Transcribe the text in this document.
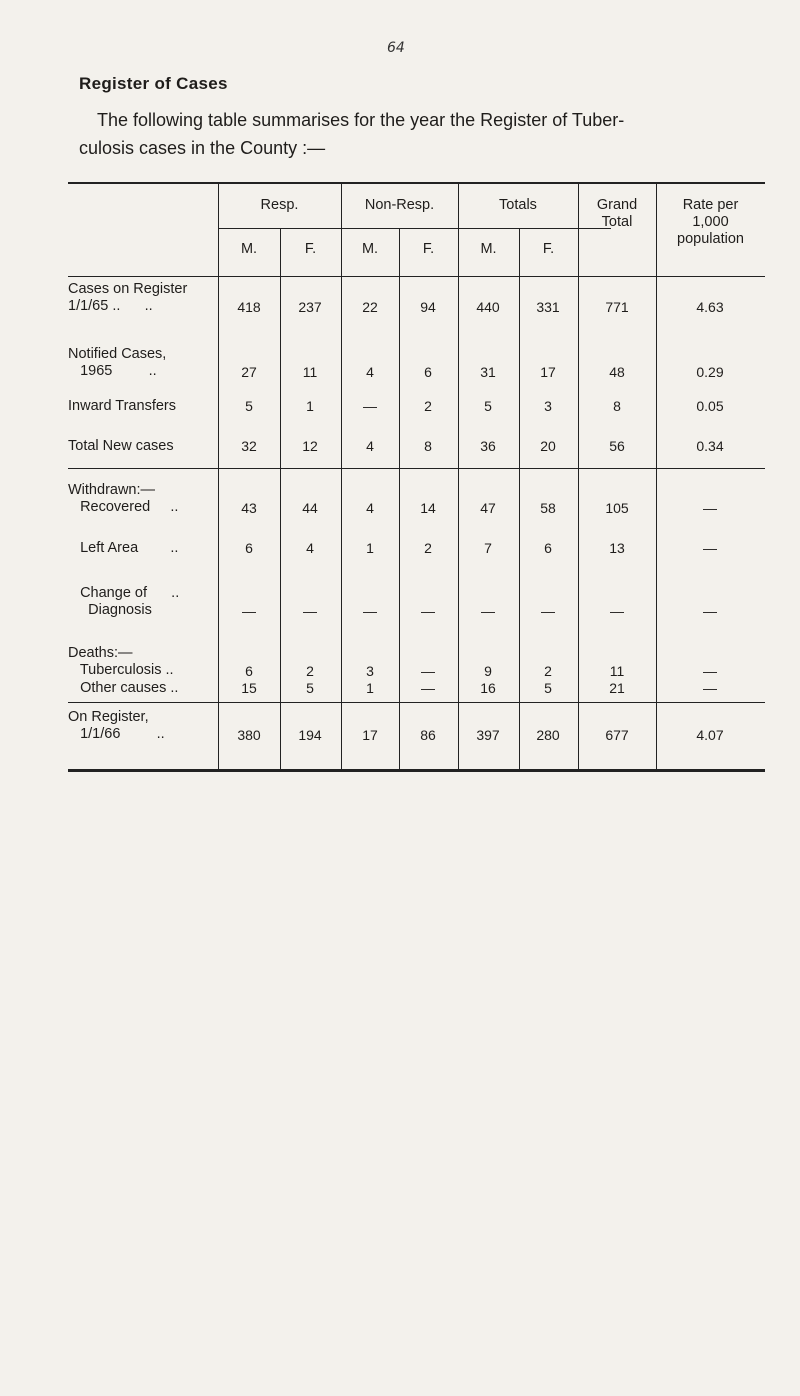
64
Register of Cases
The following table summarises for the year the Register of Tuber-
culosis cases in the County :—
Resp.	Non-Resp.	Totals	Grand
Total
Rate per
1,000
population
M.	F.	M.	F.	M.	F.
Cases on Register
1/1/65 ..      ..	418	237	22	94	440	331	771	4.63
Notified Cases,
1965         ..	27	11	4	6	31	17	48	0.29
Inward Transfers	5	1	—	2	5	3	8	0.05
Total New cases	32	12	4	8	36	20	56	0.34
Withdrawn:—
Recovered     ..	43	44	4	14	47	58	105	—
Left Area        ..	6	4	1	2	7	6	13	—
Change of      ..
Diagnosis	—	—	—	—	—	—	—	—
Deaths:—
Tuberculosis ..	6	2	3	—	9	2	11	—
Other causes ..	15	5	1	—	16	5	21	—
On Register,
1/1/66         ..	380	194	17	86	397	280	677	4.07
